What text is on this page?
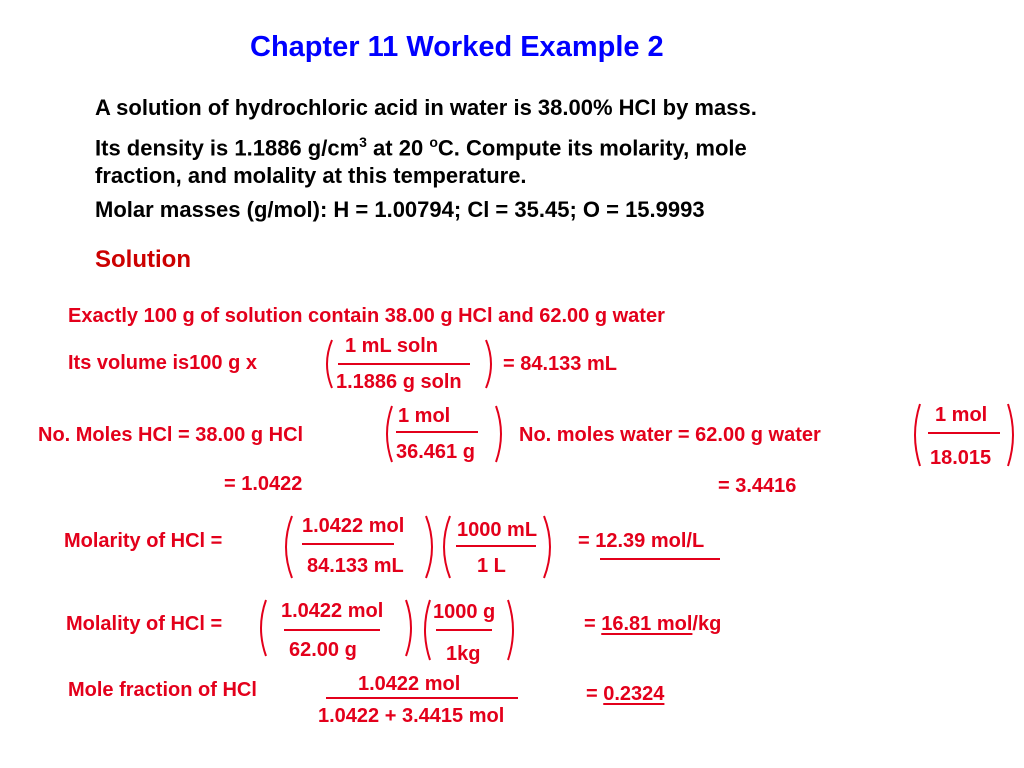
Chapter 11 Worked Example 2
A solution of hydrochloric acid in water is 38.00% HCl by mass.
Its density is 1.1886 $g/cm^3$ at 20 $^o$C. Compute its molarity, mole
fraction, and molality at this temperature.
Molar masses (g/mol): H = 1.00794; Cl = 35.45; O = 15.9993
Solution
Exactly 100 g of solution contain 38.00 g HCl and 62.00 g water
Its volume is100 g x
1 mL soln
1.1886 g soln
= 84.133 mL
No. Moles HCl = 38.00 g HCl
1 mol
36.461 g
= 1.0422
No. moles water = 62.00 g water
1 mol
18.015
= 3.4416
Molarity of HCl =
1.0422 mol
84.133 mL
1000 mL
1 L
= 12.39 mol/L
Molality of HCl =
1.0422 mol
62.00 g
1000 g
1kg
= 16.81 mol/kg
Mole fraction of HCl	1.0422 mol
1.0422 + 3.4415 mol
= 0.2324
